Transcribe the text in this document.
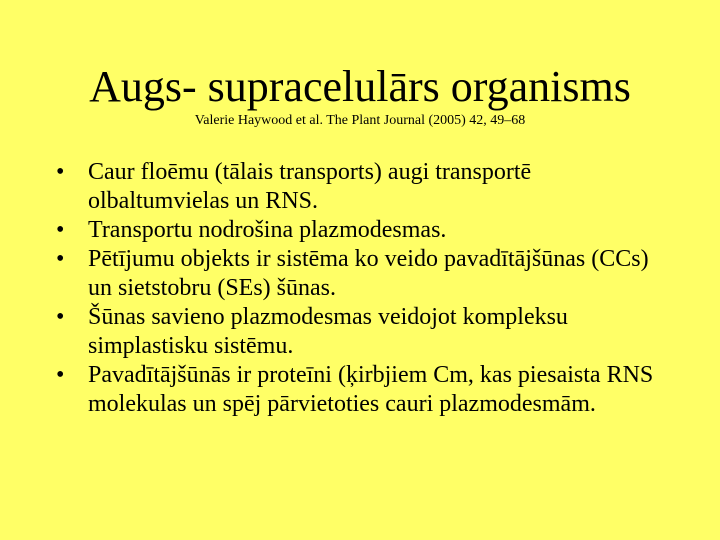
Augs- supracelulārs organisms
Valerie Haywood et al. The Plant Journal (2005) 42, 49–68
• Caur floēmu (tālais transports) augi transportē olbaltumvielas un RNS.
• Transportu nodrošina plazmodesmas.
• Pētījumu objekts ir sistēma ko veido pavadītājšūnas (CCs) un sietstobru (SEs) šūnas.
• Šūnas savieno plazmodesmas veidojot kompleksu simplastisku sistēmu.
• Pavadītājšūnās ir proteīni (ķirbjiem Cm, kas piesaista RNS molekulas un spēj pārvietoties cauri plazmodesmām.
